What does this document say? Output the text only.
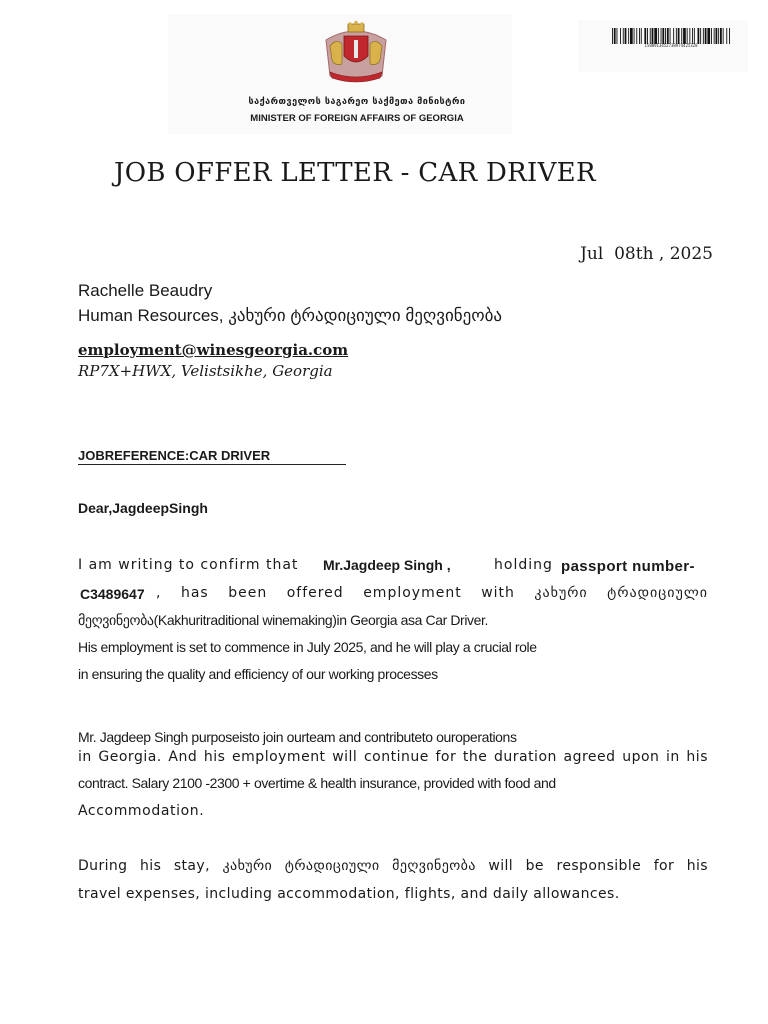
საქართველოს საგარეო საქმეთა მინისტრი
MINISTER OF FOREIGN AFFAIRS OF GEORGIA
1588913452738974425328
JOB OFFER LETTER - CAR DRIVER
Jul  08th , 2025
Rachelle Beaudry
Human Resources, კახური ტრადიციული მეღვინეობა
employment@winesgeorgia.com
RP7X+HWX, Velistsikhe, Georgia
JOBREFERENCE:CAR DRIVER
Dear,JagdeepSingh
I am writing to confirm that Mr.Jagdeep Singh ,	holding passport number-
C3489647 , has been offered employment with კახური ტრადიციული
მეღვინეობა(Kakhuritraditional winemaking)in Georgia asa Car Driver.
His employment is set to commence in July 2025, and he will play a crucial role
in ensuring the quality and efficiency of our working processes
Mr. Jagdeep Singh purposeisto join ourteam and contributeto ouroperations
in Georgia. And his employment will continue for the duration agreed upon in his
contract. Salary 2100 -2300 + overtime & health insurance, provided with food and
Accommodation.
During his stay, კახური ტრადიციული მეღვინეობა will be responsible for his
travel expenses, including accommodation, flights, and daily allowances.
